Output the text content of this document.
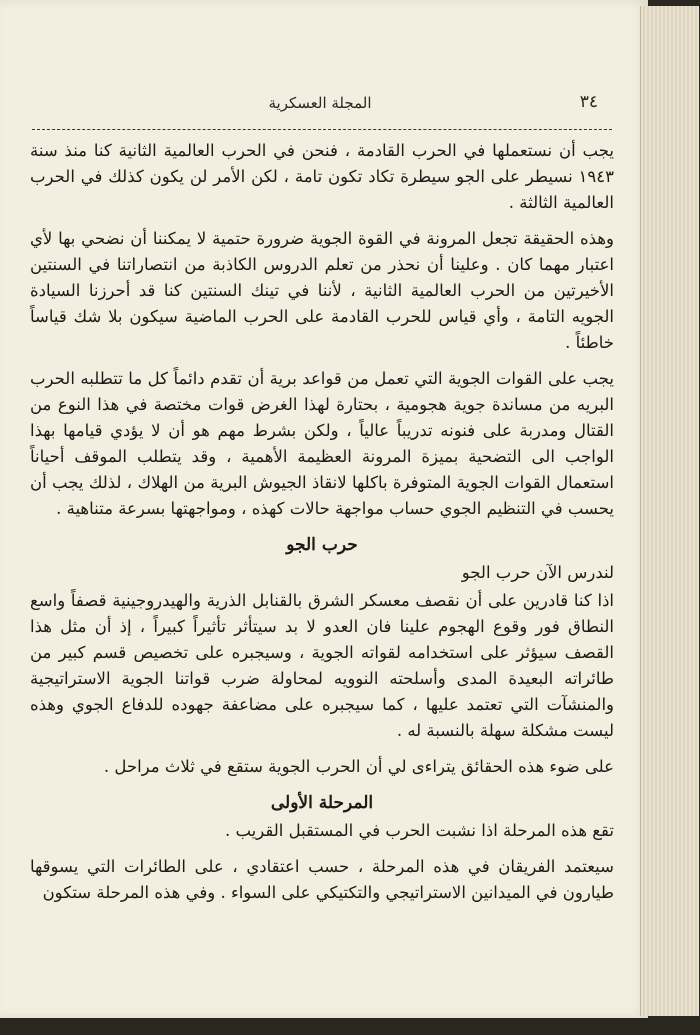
٣٤
المجلة العسكرية

يجب أن نستعملها في الحرب القادمة ، فنحن في الحرب العالمية الثانية كنا منذ سنة ١٩٤٣ نسيطر على الجو سيطرة تكاد تكون تامة ، لكن الأمر لن يكون كذلك في الحرب العالمية الثالثة .

وهذه الحقيقة تجعل المرونة في القوة الجوية ضرورة حتمية لا يمكننا أن نضحي بها لأي اعتبار مهما كان . وعلينا أن نحذر من تعلم الدروس الكاذبة من انتصاراتنا في السنتين الأخيرتين من الحرب العالمية الثانية ، لأننا في تينك السنتين كنا قد أحرزنا السيادة الجويه التامة ، وأي قياس للحرب القادمة على الحرب الماضية سيكون بلا شك قياساً خاطئاً .

يجب على القوات الجوية التي تعمل من قواعد برية أن تقدم دائماً كل ما تتطلبه الحرب البريه من مساندة جوية هجومية ، بحتارة لهذا الغرض قوات مختصة في هذا النوع من القتال ومدربة على فنونه تدريباً عالياً ، ولكن بشرط مهم هو أن لا يؤدي قيامها بهذا الواجب الى التضحية بميزة المرونة العظيمة الأهمية ، وقد يتطلب الموقف أحياناً استعمال القوات الجوية المتوفرة باكلها لانقاذ الجيوش البرية من الهلاك ، لذلك يجب أن يحسب في التنظيم الجوي حساب مواجهة حالات كهذه ، ومواجهتها بسرعة متناهية .

حرب الجو

لندرس الآن حرب الجو

اذا كنا قادرين على أن نقصف معسكر الشرق بالقنابل الذرية والهيدروجينية قصفاً واسع النطاق فور وقوع الهجوم علينا فان العدو لا بد سيتأثر تأثيراً كبيراً ، إذ أن مثل هذا القصف سيؤثر على استخدامه لقواته الجوية ، وسيجبره على تخصيص قسم كبير من طائراته البعيدة المدى وأسلحته النوويه لمحاولة ضرب قواتنا الجوية الاستراتيجية والمنشآت التي تعتمد عليها ، كما سيجبره على مضاعفة جهوده للدفاع الجوي وهذه ليست مشكلة سهلة بالنسبة له .

على ضوء هذه الحقائق يتراءى لي أن الحرب الجوية ستقع في ثلاث مراحل .

المرحلة الأولى

تقع هذه المرحلة اذا نشبت الحرب في المستقبل القريب .

سيعتمد الفريقان في هذه المرحلة ، حسب اعتقادي ، على الطائرات التي يسوقها طيارون في الميدانين الاستراتيجي والتكتيكي على السواء . وفي هذه المرحلة ستكون
